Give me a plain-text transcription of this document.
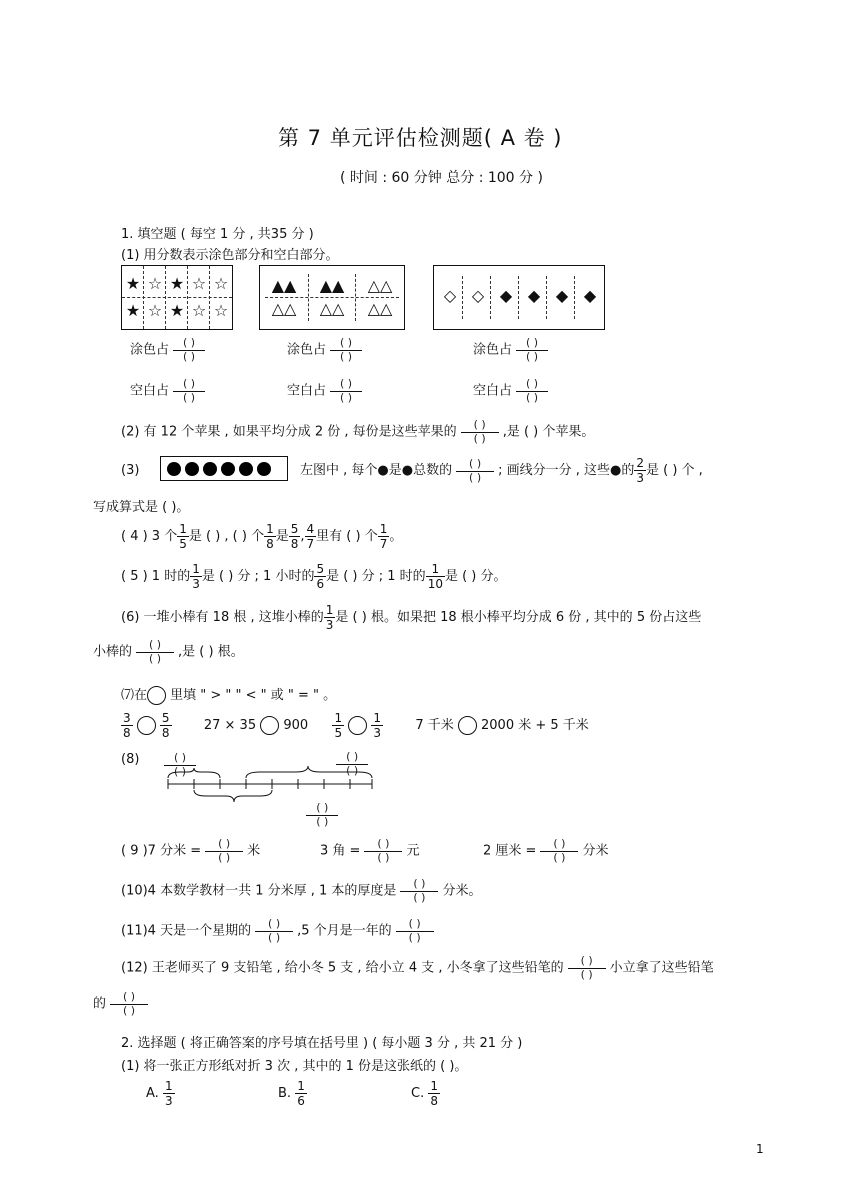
第 7 单元评估检测题( A 卷 )
( 时间 : 60 分钟 总分 : 100 分 )
1. 填空题 ( 每空 1 分 , 共35 分 )
(1) 用分数表示涂色部分和空白部分。
★ ☆ ★ ☆ ☆
★ ☆ ★ ☆ ☆
▲▲	▲▲	△△
△△	△△	△△
◇ ◇ ◆ ◆ ◆ ◆
涂色占 $\frac{( )}{( )}$	涂色占 $\frac{( )}{( )}$	涂色占 $\frac{( )}{( )}$
空白占 $\frac{( )}{( )}$	空白占 $\frac{( )}{( )}$	空白占 $\frac{( )}{( )}$
(2) 有 12 个苹果 , 如果平均分成 2 份 , 每份是这些苹果的 $\frac{( )}{( )}$ ,是 ( ) 个苹果。
(3)	左图中 , 每个●是●总数的 $\frac{( )}{( )}$ ; 画线分一分 , 这些●的 $\frac{2}{3}$ 是 ( ) 个 ,
写成算式是 ( )。
( 4 ) 3 个 $\frac{1}{5}$ 是 ( ) , ( ) 个 $\frac{1}{8}$ 是 $\frac{5}{8}$ , $\frac{4}{7}$ 里有 ( ) 个 $\frac{1}{7}$ 。
( 5 ) 1 时的 $\frac{1}{3}$ 是 ( ) 分 ; 1 小时的 $\frac{5}{6}$ 是 ( ) 分 ; 1 时的 $\frac{1}{10}$ 是 ( ) 分。
(6) 一堆小棒有 18 根 , 这堆小棒的 $\frac{1}{3}$ 是 ( ) 根。如果把 18 根小棒平均分成 6 份 , 其中的 5 份占这些
小棒的 $\frac{( )}{( )}$ ,是 ( ) 根。
⑺在 里填 " > " " < " 或 " = " 。
$\frac{3}{8}$
$\frac{5}{8} 27 \times 35$ $900 \frac{1}{5}$
$\frac{1}{3} 7$ 千米 2000 米 + 5 千米
$(8) \frac{( )}{( )}$
	$\frac{( )}{( )}$

$\frac{( )}{( )}$
( 9 )7 分米 = $\frac{( )}{( )}$ 米	3 角 = $\frac{( )}{( )}$ 元	2 厘米 = $\frac{( )}{( )}$ 分米
(10)4 本数学教材一共 1 分米厚 , 1 本的厚度是 $\frac{( )}{( )}$ 分米。
(11)4 天是一个星期的 $\frac{( )}{( )} ,5$ 个月是一年的 $\frac{( )}{( )}$
(12) 王老师买了 9 支铅笔 , 给小冬 5 支 , 给小立 4 支 , 小冬拿了这些铅笔的 $\frac{( )}{( )}$ 小立拿了这些铅笔
的 $\frac{( )}{( )}$
2. 选择题 ( 将正确答案的序号填在括号里 ) ( 每小题 3 分 , 共 21 分 )
(1) 将一张正方形纸对折 3 次 , 其中的 1 份是这张纸的 ( )。
A. $\frac{1}{3}$	B. $\frac{1}{6}$	C. $\frac{1}{8}$
1
